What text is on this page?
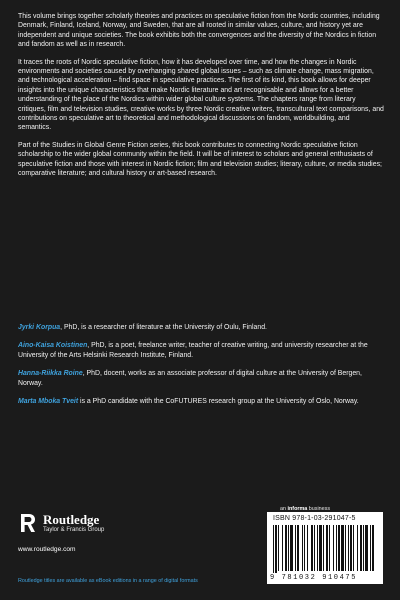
This volume brings together scholarly theories and practices on speculative fiction from the Nordic countries, including Denmark, Finland, Iceland, Norway, and Sweden, that are all rooted in similar values, culture, and history yet are independent and unique societies. The book exhibits both the convergences and the diversity of the Nordics in fiction and fandom as well as in research.

It traces the roots of Nordic speculative fiction, how it has developed over time, and how the changes in Nordic environments and societies caused by overhanging shared global issues – such as climate change, mass migration, and technological acceleration – find space in speculative practices. The first of its kind, this book allows for deeper insights into the unique characteristics that make Nordic literature and art recognisable and allows for a better understanding of the place of the Nordics within wider global culture systems. The chapters range from literary critiques, film and television studies, creative works by three Nordic creative writers, transcultural text comparisons, and contributions on speculative art to theoretical and methodological discussions on fandom, worldbuilding, and semantics.

Part of the Studies in Global Genre Fiction series, this book contributes to connecting Nordic speculative fiction scholarship to the wider global community within the field. It will be of interest to scholars and general enthusiasts of speculative fiction and those with interest in Nordic fiction; film and television studies; literary, culture, or media studies; comparative literature; and cultural history or art-based research.

Jyrki Korpua, PhD, is a researcher of literature at the University of Oulu, Finland.

Aino-Kaisa Koistinen, PhD, is a poet, freelance writer, teacher of creative writing, and university researcher at the University of the Arts Helsinki Research Institute, Finland.

Hanna-Riikka Roine, PhD, docent, works as an associate professor of digital culture at the University of Bergen, Norway.

Marta Mboka Tveit is a PhD candidate with the CoFUTURES research group at the University of Oslo, Norway.

an informa business
Routledge
Taylor & Francis Group
www.routledge.com
Routledge titles are available as eBook editions in a range of digital formats
ISBN 978-1-03-291047-5
9 781032 910475
